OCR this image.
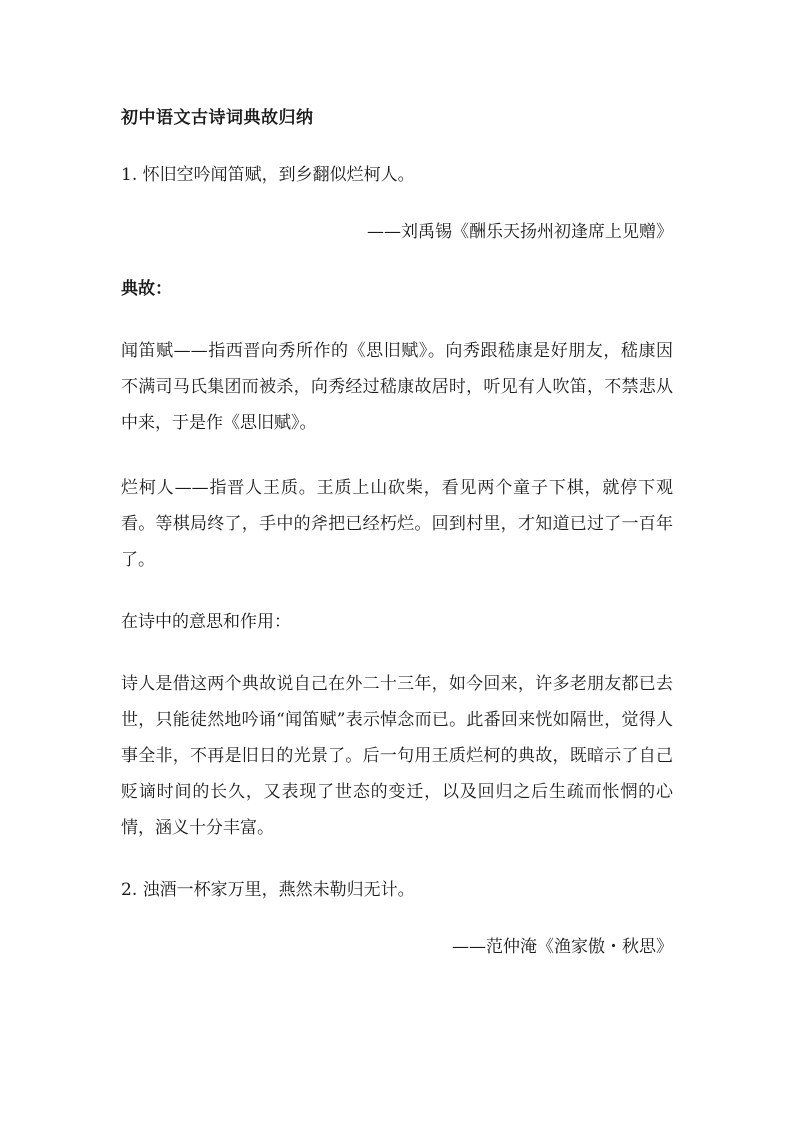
初中语文古诗词典故归纳
1. 怀旧空吟闻笛赋，到乡翻似烂柯人。
——刘禹锡《酬乐天扬州初逢席上见赠》
典故：
闻笛赋——指西晋向秀所作的《思旧赋》。向秀跟嵇康是好朋友，嵇康因不满司马氏集团而被杀，向秀经过嵇康故居时，听见有人吹笛，不禁悲从中来，于是作《思旧赋》。
烂柯人——指晋人王质。王质上山砍柴，看见两个童子下棋，就停下观看。等棋局终了，手中的斧把已经朽烂。回到村里，才知道已过了一百年了。
在诗中的意思和作用：
诗人是借这两个典故说自己在外二十三年，如今回来，许多老朋友都已去世，只能徒然地吟诵“闻笛赋”表示悼念而已。此番回来恍如隔世，觉得人事全非，不再是旧日的光景了。后一句用王质烂柯的典故，既暗示了自己贬谪时间的长久，又表现了世态的变迁，以及回归之后生疏而怅惘的心情，涵义十分丰富。
2. 浊酒一杯家万里，燕然未勒归无计。
——范仲淹《渔家傲・秋思》
